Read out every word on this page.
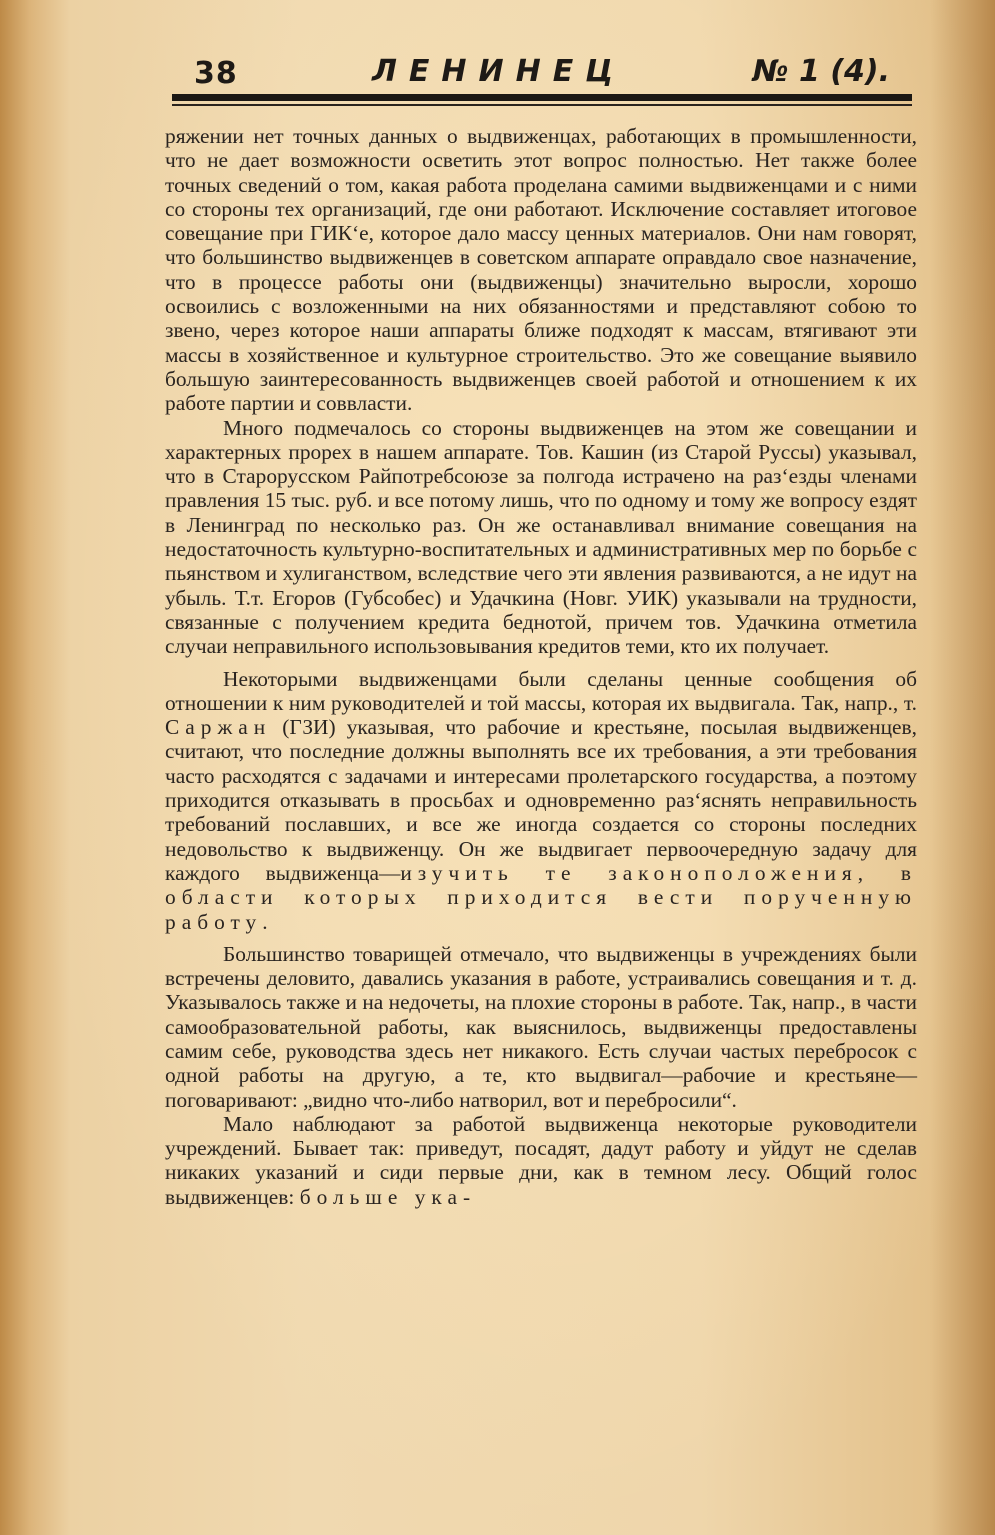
38	ЛЕНИНЕЦ	№ 1 (4).

ряжении нет точных данных о выдвиженцах, работающих в промышленности, что не дает возможности осветить этот вопрос полностью. Нет также более точных сведений о том, какая работа проделана самими выдвиженцами и с ними со стороны тех организаций, где они работают. Исключение составляет итоговое совещание при ГИК‘е, которое дало массу ценных материалов. Они нам говорят, что большинство выдвиженцев в советском аппарате оправдало свое назначение, что в процессе работы они (выдвиженцы) значительно выросли, хорошо освоились с возложенными на них обязанностями и представляют собою то звено, через которое наши аппараты ближе подходят к массам, втягивают эти массы в хозяйственное и культурное строительство. Это же совещание выявило большую заинтересованность выдвиженцев своей работой и отношением к их работе партии и соввласти.

Много подмечалось со стороны выдвиженцев на этом же совещании и характерных прорех в нашем аппарате. Тов. Кашин (из Старой Руссы) указывал, что в Старорусском Райпотребсоюзе за полгода истрачено на раз‘езды членами правления 15 тыс. руб. и все потому лишь, что по одному и тому же вопросу ездят в Ленинград по несколько раз. Он же останавливал внимание совещания на недостаточность культурно-воспитательных и административных мер по борьбе с пьянством и хулиганством, вследствие чего эти явления развиваются, а не идут на убыль. Т.т. Егоров (Губсобес) и Удачкина (Новг. УИК) указывали на трудности, связанные с получением кредита беднотой, причем тов. Удачкина отметила случаи неправильного использовывания кредитов теми, кто их получает.

Некоторыми выдвиженцами были сделаны ценные сообщения об отношении к ним руководителей и той массы, которая их выдвигала. Так, напр., т. Саржан (ГЗИ) указывая, что рабочие и крестьяне, посылая выдвиженцев, считают, что последние должны выполнять все их требования, а эти требования часто расходятся с задачами и интересами пролетарского государства, а поэтому приходится отказывать в просьбах и одновременно раз‘яснять неправильность требований пославших, и все же иногда создается со стороны последних недовольство к выдвиженцу. Он же выдвигает первоочередную задачу для каждого выдвиженца—изучить те законоположения, в области которых приходится вести порученную работу.

Большинство товарищей отмечало, что выдвиженцы в учреждениях были встречены деловито, давались указания в работе, устраивались совещания и т. д. Указывалось также и на недочеты, на плохие стороны в работе. Так, напр., в части самообразовательной работы, как выяснилось, выдвиженцы предоставлены самим себе, руководства здесь нет никакого. Есть случаи частых перебросок с одной работы на другую, а те, кто выдвигал—рабочие и крестьяне—поговаривают: „видно что-либо натворил, вот и перебросили“.

Мало наблюдают за работой выдвиженца некоторые руководители учреждений. Бывает так: приведут, посадят, дадут работу и уйдут не сделав никаких указаний и сиди первые дни, как в темном лесу. Общий голос выдвиженцев: больше ука-
